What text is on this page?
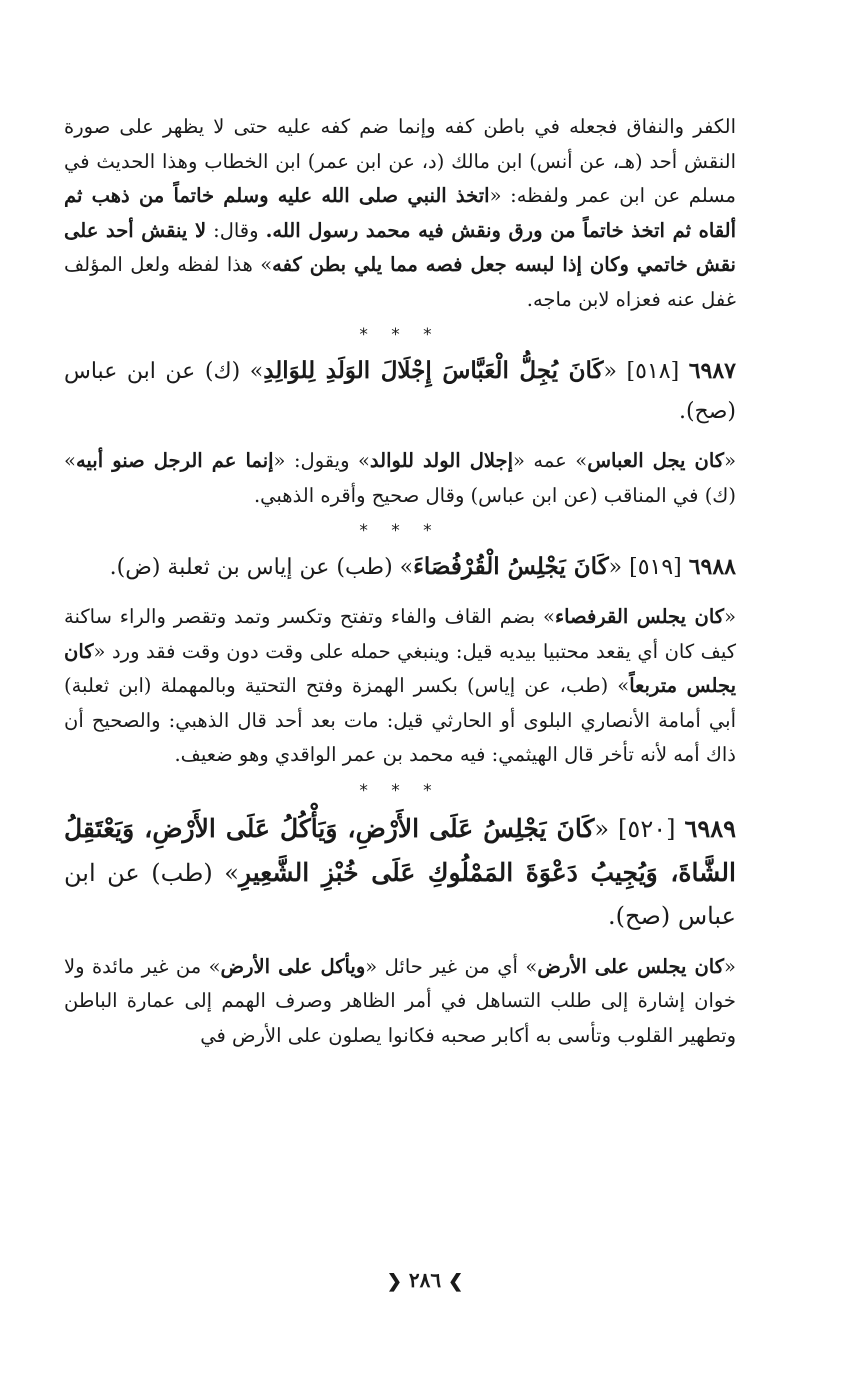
الكفر والنفاق فجعله في باطن كفه وإنما ضم كفه عليه حتى لا يظهر على صورة النقش أحد (هـ، عن أنس) ابن مالك (د، عن ابن عمر) ابن الخطاب وهذا الحديث في مسلم عن ابن عمر ولفظه: «اتخذ النبي صلى الله عليه وسلم خاتماً من ذهب ثم ألقاه ثم اتخذ خاتماً من ورق ونقش فيه محمد رسول الله. وقال: لا ينقش أحد على نقش خاتمي وكان إذا لبسه جعل فصه مما يلي بطن كفه» هذا لفظه ولعل المؤلف غفل عنه فعزاه لابن ماجه.

* * *

٦٩٨٧ [٥١٨] «كَانَ يُجِلُّ الْعَبَّاسَ إِجْلَالَ الوَلَدِ لِلوَالِدِ» (ك) عن ابن عباس (صح).

«كان يجل العباس» عمه «إجلال الولد للوالد» ويقول: «إنما عم الرجل صنو أبيه» (ك) في المناقب (عن ابن عباس) وقال صحيح وأقره الذهبي.

* * *

٦٩٨٨ [٥١٩] «كَانَ يَجْلِسُ الْقُرْفُصَاءَ» (طب) عن إياس بن ثعلبة (ض).

«كان يجلس القرفصاء» بضم القاف والفاء وتفتح وتكسر وتمد وتقصر والراء ساكنة كيف كان أي يقعد محتبيا بيديه قيل: وينبغي حمله على وقت دون وقت فقد ورد «كان يجلس متربعاً» (طب، عن إياس) بكسر الهمزة وفتح التحتية وبالمهملة (ابن ثعلبة) أبي أمامة الأنصاري البلوى أو الحارثي قيل: مات بعد أحد قال الذهبي: والصحيح أن ذاك أمه لأنه تأخر قال الهيثمي: فيه محمد بن عمر الواقدي وهو ضعيف.

* * *

٦٩٨٩ [٥٢٠] «كَانَ يَجْلِسُ عَلَى الأَرْضِ، وَيَأْكُلُ عَلَى الأَرْضِ، وَيَعْتَقِلُ الشَّاةَ، وَيُجِيبُ دَعْوَةَ المَمْلُوكِ عَلَى خُبْزِ الشَّعِيرِ» (طب) عن ابن عباس (صح).

«كان يجلس على الأرض» أي من غير حائل «ويأكل على الأرض» من غير مائدة ولا خوان إشارة إلى طلب التساهل في أمر الظاهر وصرف الهمم إلى عمارة الباطن وتطهير القلوب وتأسى به أكابر صحبه فكانوا يصلون على الأرض في

❯ ٢٨٦ ❮
